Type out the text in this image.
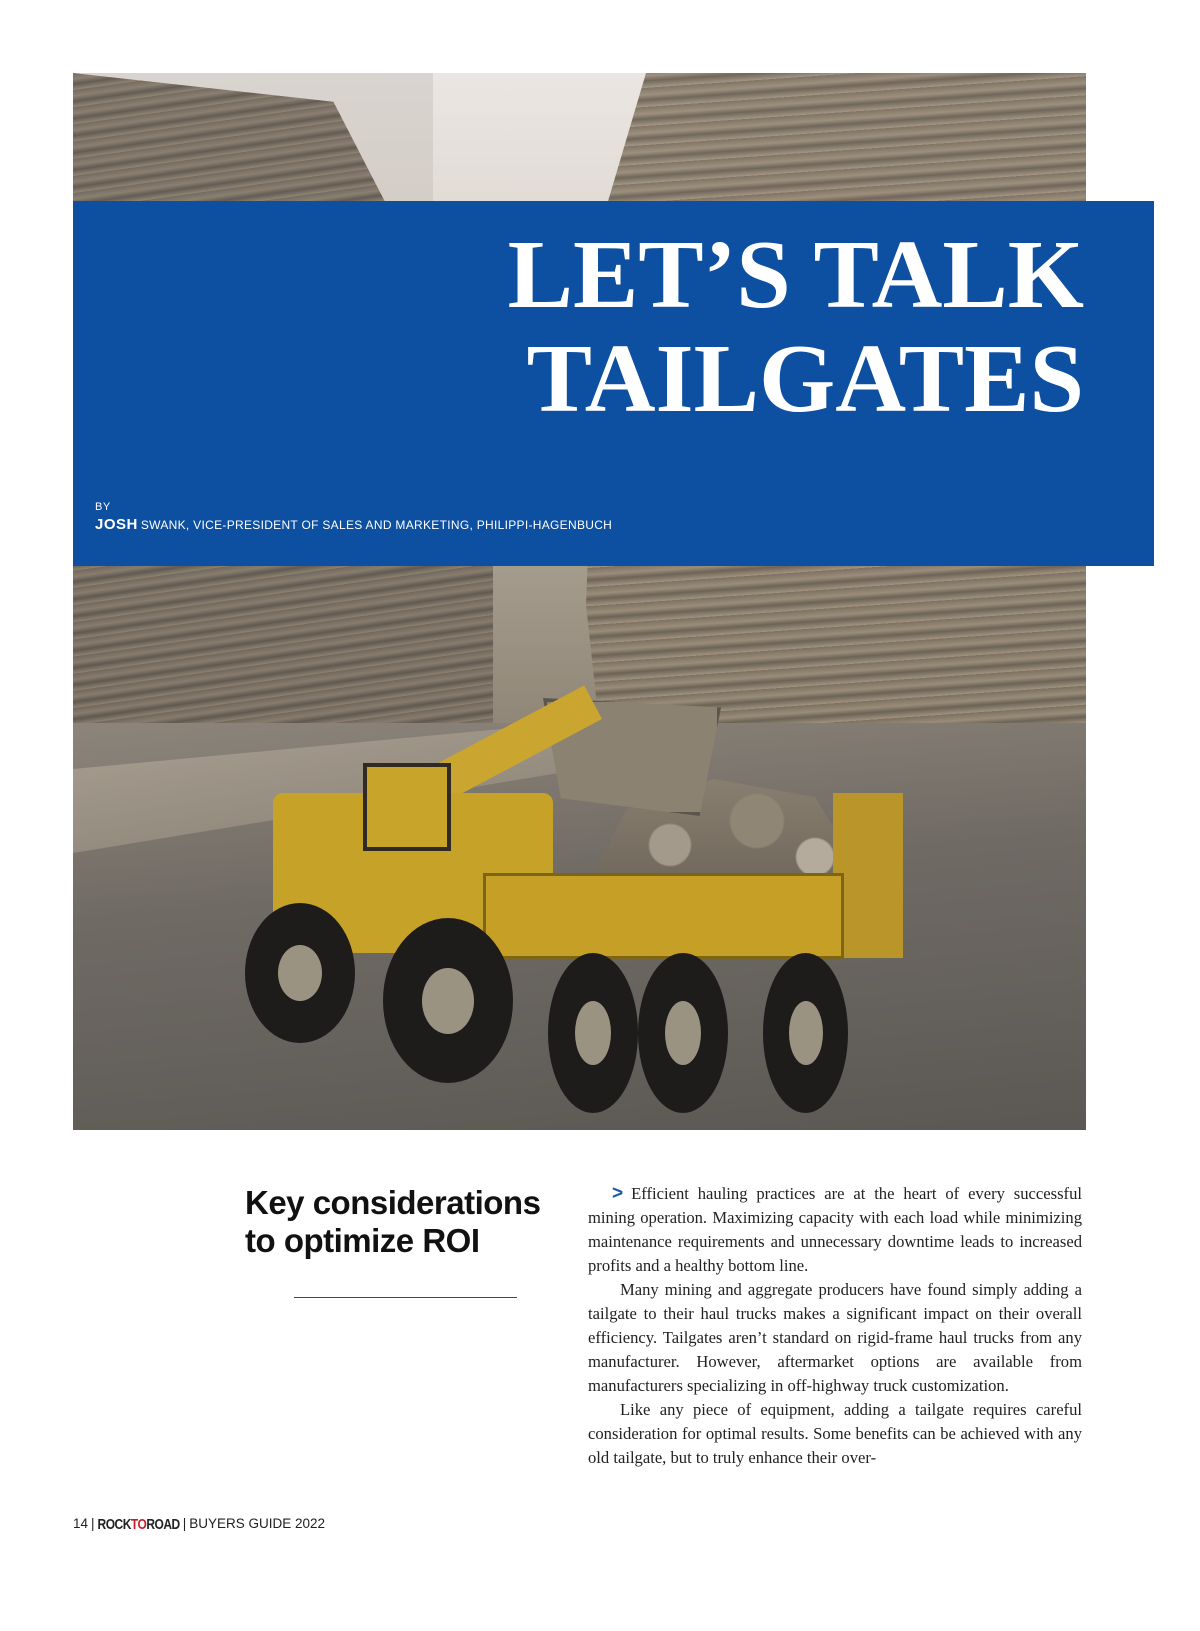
LET’S TALK
TAILGATES
BY
JOSH SWANK, VICE-PRESIDENT OF SALES AND MARKETING, PHILIPPI-HAGENBUCH
Key considerations to optimize ROI

> Efficient hauling practices are at the heart of every successful mining operation. Maximizing capacity with each load while minimizing maintenance requirements and unnecessary downtime leads to increased profits and a healthy bottom line.

Many mining and aggregate producers have found simply adding a tailgate to their haul trucks makes a significant impact on their overall efficiency. Tailgates aren’t standard on rigid-frame haul trucks from any manufacturer. However, aftermarket options are available from manufacturers specializing in off-highway truck customization.

Like any piece of equipment, adding a tailgate requires careful consideration for optimal results. Some benefits can be achieved with any old tailgate, but to truly enhance their over-

14 | ROCKTOROAD | BUYERS GUIDE 2022
